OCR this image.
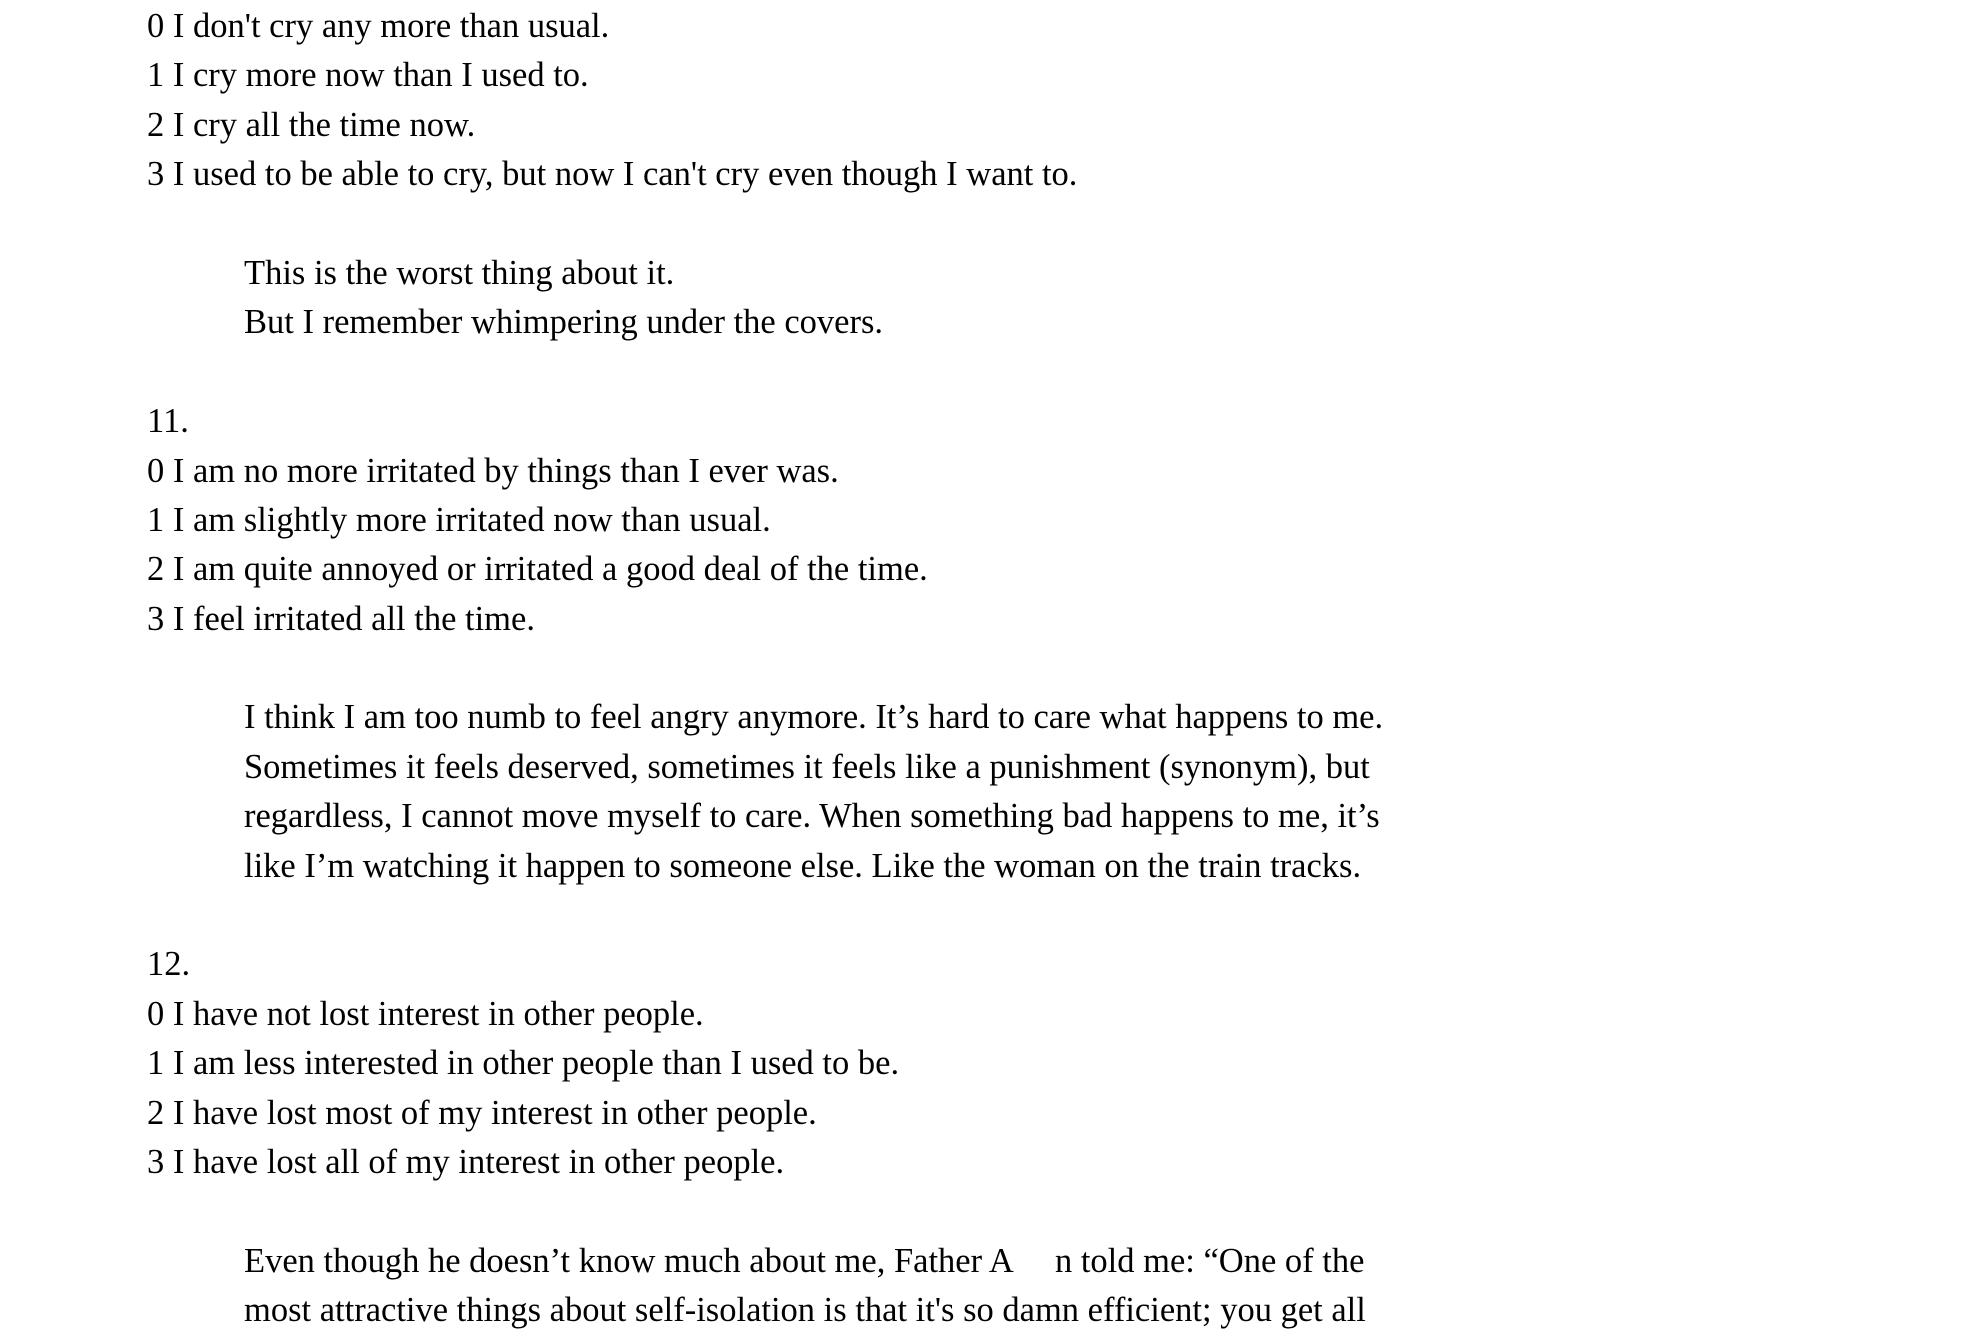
0 I don't cry any more than usual.
1 I cry more now than I used to.
2 I cry all the time now.
3 I used to be able to cry, but now I can't cry even though I want to.
This is the worst thing about it.
But I remember whimpering under the covers.
11.
0 I am no more irritated by things than I ever was.
1 I am slightly more irritated now than usual.
2 I am quite annoyed or irritated a good deal of the time.
3 I feel irritated all the time.
I think I am too numb to feel angry anymore. It’s hard to care what happens to me.
Sometimes it feels deserved, sometimes it feels like a punishment (synonym), but
regardless, I cannot move myself to care. When something bad happens to me, it’s
like I’m watching it happen to someone else. Like the woman on the train tracks.
12.
0 I have not lost interest in other people.
1 I am less interested in other people than I used to be.
2 I have lost most of my interest in other people.
3 I have lost all of my interest in other people.
Even though he doesn’t know much about me, Father A     n told me: “One of the
most attractive things about self-isolation is that it's so damn efficient; you get all
